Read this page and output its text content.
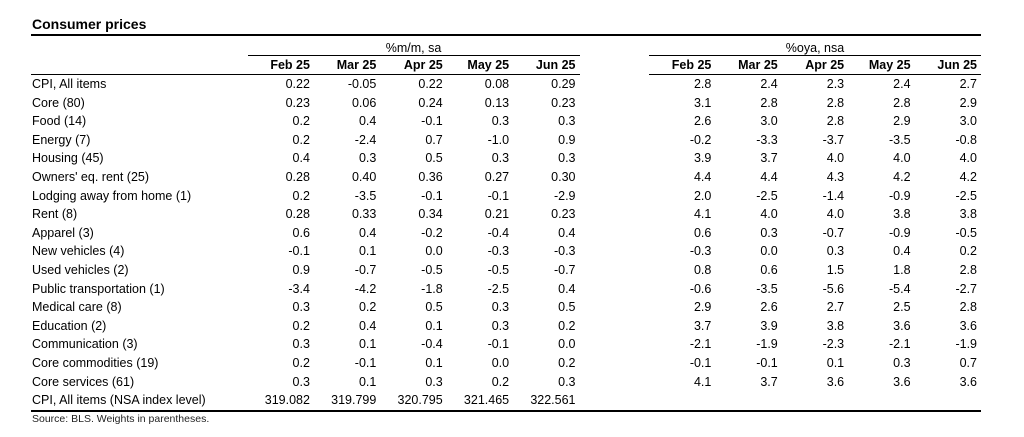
Consumer prices
	%m/m, sa						%oya, nsa				
	Feb 25	Mar 25	Apr 25	May 25	Jun 25		Feb 25	Mar 25	Apr 25	May 25	Jun 25
CPI, All items	0.22	-0.05	0.22	0.08	0.29		2.8	2.4	2.3	2.4	2.7
Core (80)	0.23	0.06	0.24	0.13	0.23		3.1	2.8	2.8	2.8	2.9
Food (14)	0.2	0.4	-0.1	0.3	0.3		2.6	3.0	2.8	2.9	3.0
Energy (7)	0.2	-2.4	0.7	-1.0	0.9		-0.2	-3.3	-3.7	-3.5	-0.8
Housing (45)	0.4	0.3	0.5	0.3	0.3		3.9	3.7	4.0	4.0	4.0
Owners' eq. rent (25)	0.28	0.40	0.36	0.27	0.30		4.4	4.4	4.3	4.2	4.2
Lodging away from home (1)	0.2	-3.5	-0.1	-0.1	-2.9		2.0	-2.5	-1.4	-0.9	-2.5
Rent (8)	0.28	0.33	0.34	0.21	0.23		4.1	4.0	4.0	3.8	3.8
Apparel (3)	0.6	0.4	-0.2	-0.4	0.4		0.6	0.3	-0.7	-0.9	-0.5
New vehicles (4)	-0.1	0.1	0.0	-0.3	-0.3		-0.3	0.0	0.3	0.4	0.2
Used vehicles (2)	0.9	-0.7	-0.5	-0.5	-0.7		0.8	0.6	1.5	1.8	2.8
Public transportation (1)	-3.4	-4.2	-1.8	-2.5	0.4		-0.6	-3.5	-5.6	-5.4	-2.7
Medical care (8)	0.3	0.2	0.5	0.3	0.5		2.9	2.6	2.7	2.5	2.8
Education (2)	0.2	0.4	0.1	0.3	0.2		3.7	3.9	3.8	3.6	3.6
Communication (3)	0.3	0.1	-0.4	-0.1	0.0		-2.1	-1.9	-2.3	-2.1	-1.9
Core commodities (19)	0.2	-0.1	0.1	0.0	0.2		-0.1	-0.1	0.1	0.3	0.7
Core services (61)	0.3	0.1	0.3	0.2	0.3		4.1	3.7	3.6	3.6	3.6
CPI, All items (NSA index level)	319.082	319.799	320.795	321.465	322.561						
Source: BLS. Weights in parentheses.
